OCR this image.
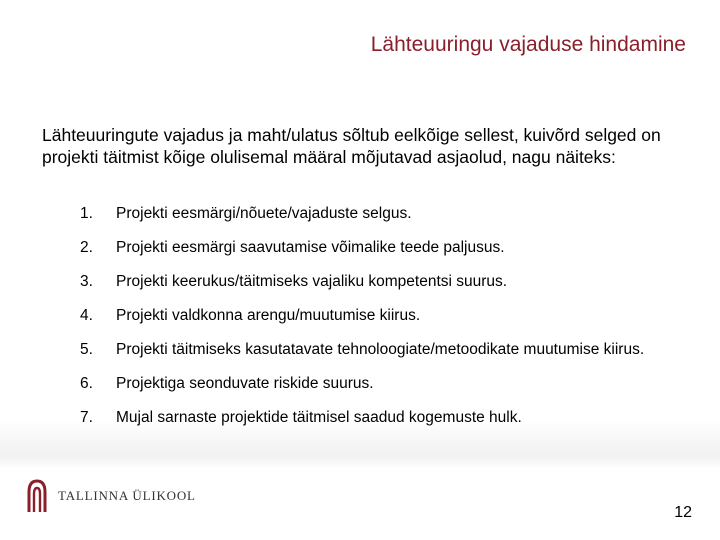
Lähteuuringu vajaduse hindamine
Lähteuuringute vajadus ja maht/ulatus sõltub eelkõige sellest, kuivõrd selged on projekti täitmist kõige olulisemal määral mõjutavad asjaolud, nagu näiteks:
1.	Projekti eesmärgi/nõuete/vajaduste selgus.
2.	Projekti eesmärgi saavutamise võimalike teede paljusus.
3.	Projekti keerukus/täitmiseks vajaliku kompetentsi suurus.
4.	Projekti valdkonna arengu/muutumise kiirus.
5.	Projekti täitmiseks kasutatavate tehnoloogiate/metoodikate muutumise kiirus.
6.	Projektiga seonduvate riskide suurus.
7.	Mujal sarnaste projektide täitmisel saadud kogemuste hulk.
TALLINNA ÜLIKOOL
12
